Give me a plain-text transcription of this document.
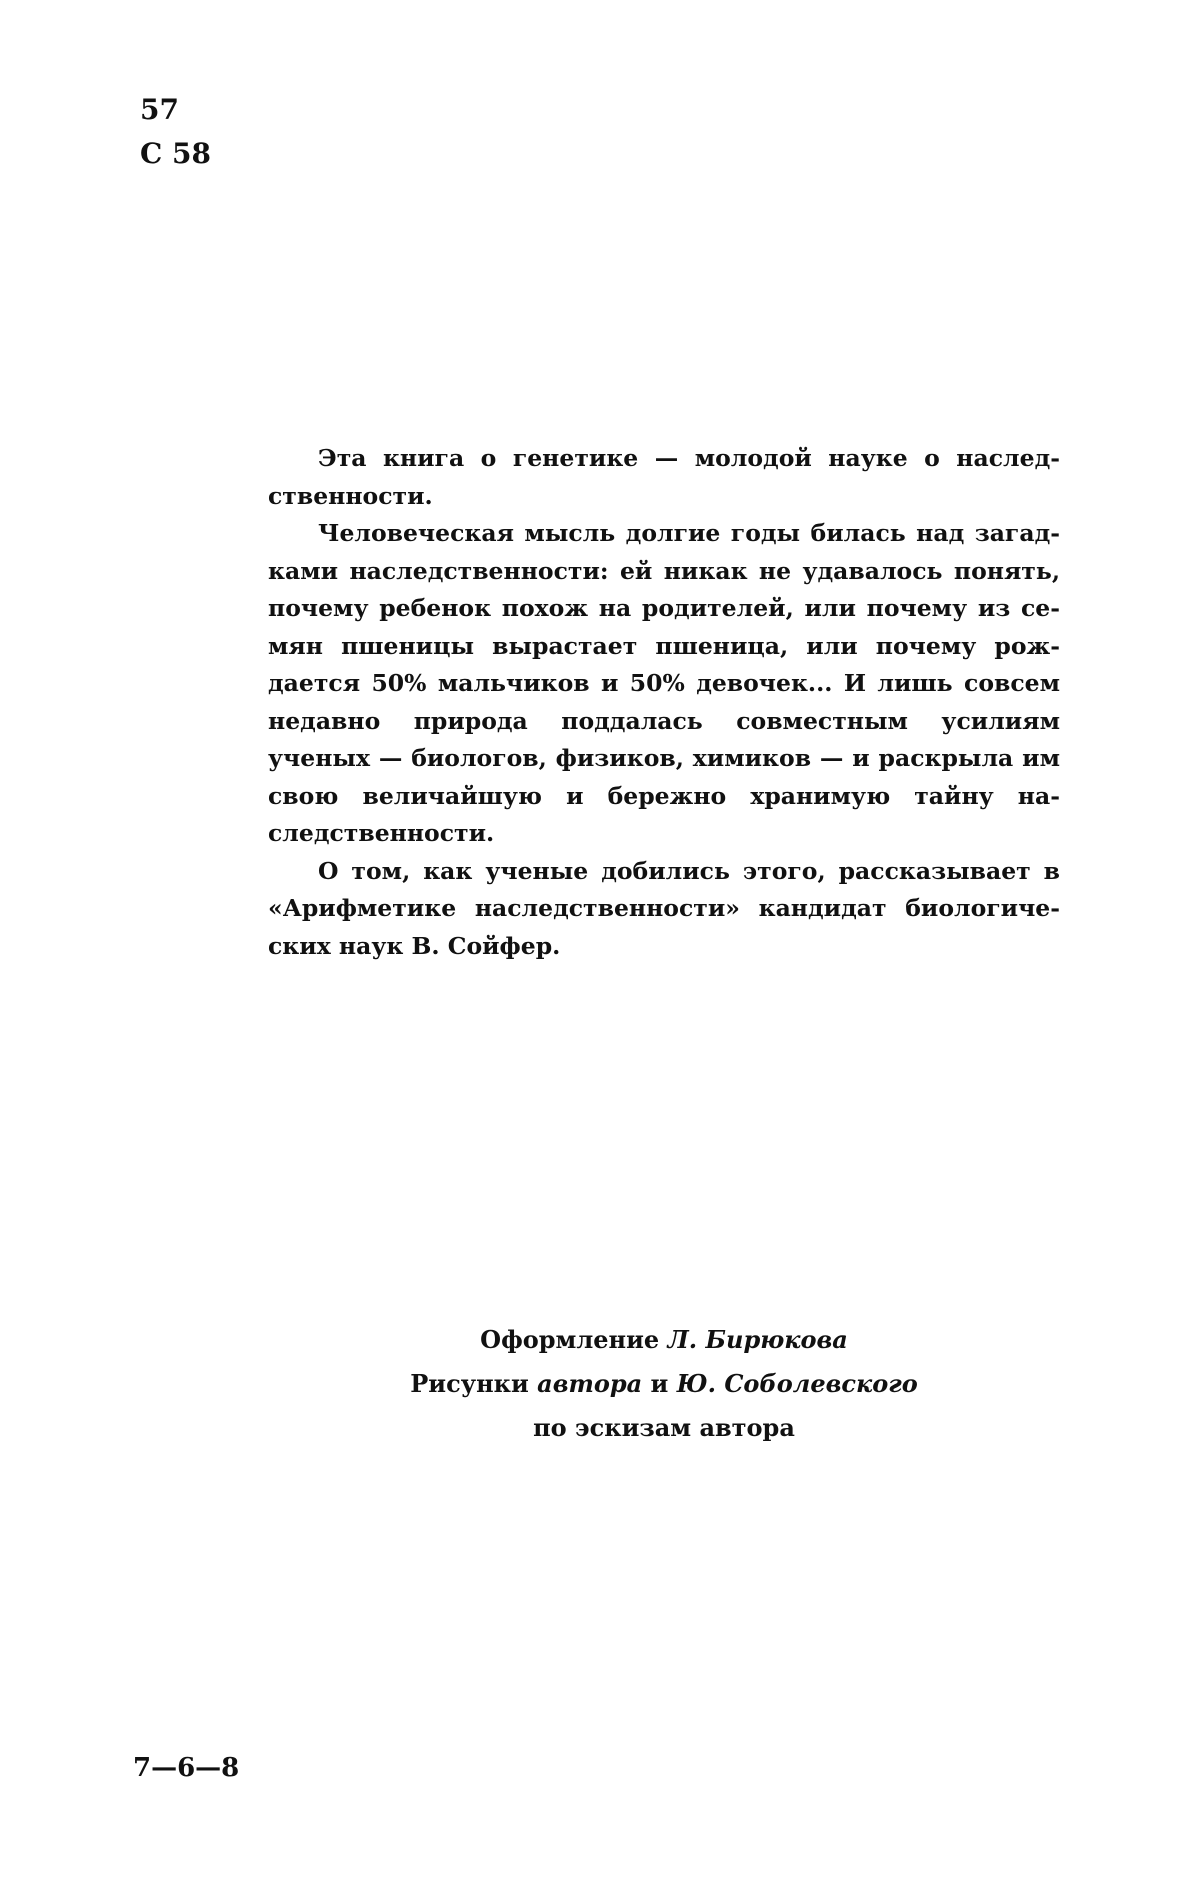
57
С 58

Эта книга о генетике — молодой науке о наследственности.

Человеческая мысль долгие годы билась над загадками наследственности: ей никак не удавалось понять, почему ребенок похож на родителей, или почему из семян пшеницы вырастает пшеница, или почему рождается 50% мальчиков и 50% девочек... И лишь совсем недавно природа поддалась совместным усилиям ученых — биологов, физиков, химиков — и раскрыла им свою величайшую и бережно хранимую тайну наследственности.

О том, как ученые добились этого, рассказывает в «Арифметике наследственности» кандидат биологических наук В. Сойфер.

Оформление Л. Бирюкова
Рисунки автора и Ю. Соболевского
по эскизам автора
7—6—8
